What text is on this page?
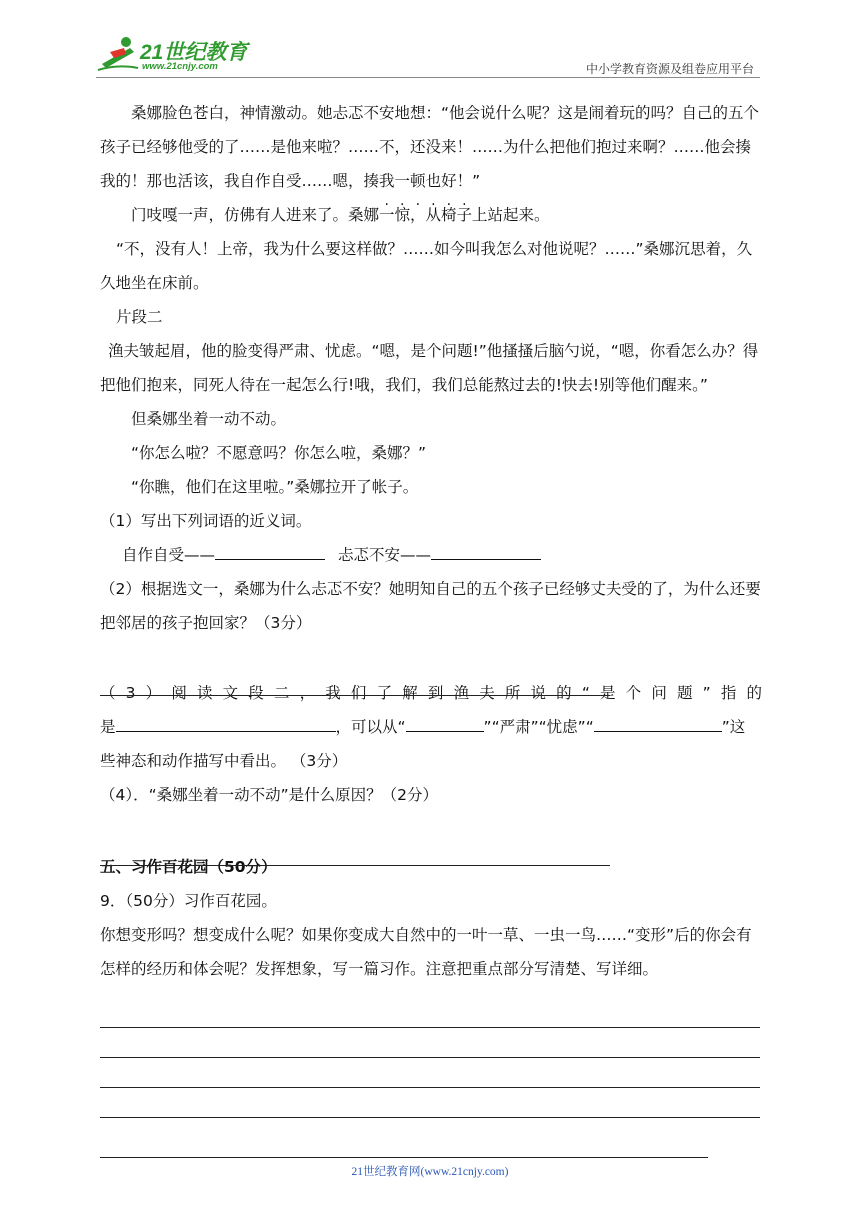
21世纪教育
www.21cnjy.com	中小学教育资源及组卷应用平台

桑娜脸色苍白，神情激动。她忐忑不安地想：“他会说什么呢？这是闹着玩的吗？自己的五个孩子已经够他受的了……是他来啦？……不，还没来！……为什么把他们抱过来啊？……他会揍我的！那也活该，我自作自受……嗯，揍我一顿也好！”

门吱嘎一声，仿佛有人进来了。桑娜一惊，从椅子上站起来。

“不，没有人！上帝，我为什么要这样做？……如今叫我怎么对他说呢？……”桑娜沉思着，久久地坐在床前。

片段二

渔夫皱起眉，他的脸变得严肃、忧虑。“嗯，是个问题!”他搔搔后脑勺说，“嗯，你看怎么办？得把他们抱来，同死人待在一起怎么行!哦，我们，我们总能熬过去的!快去!别等他们醒来。”

但桑娜坐着一动不动。

“你怎么啦？不愿意吗？你怎么啦，桑娜？”

“你瞧，他们在这里啦。”桑娜拉开了帐子。

（1）写出下列词语的近义词。

自作自受——	忐忑不安——

（2）根据选文一，桑娜为什么忐忑不安？她明知自己的五个孩子已经够丈夫受的了，为什么还要把邻居的孩子抱回家？（3分）

（3）阅读文段二，我们了解到渔夫所说的“是个问题”指的

是	，可以从“	”“严肃”“忧虑”“	”这

些神态和动作描写中看出。 （3分）

（4）．“桑娜坐着一动不动”是什么原因？（2分）

五、习作百花园（50分）

9．（50分）习作百花园。

你想变形吗？想变成什么呢？如果你变成大自然中的一叶一草、一虫一鸟……“变形”后的你会有怎样的经历和体会呢？发挥想象，写一篇习作。注意把重点部分写清楚、写详细。

21世纪教育网(www.21cnjy.com)
